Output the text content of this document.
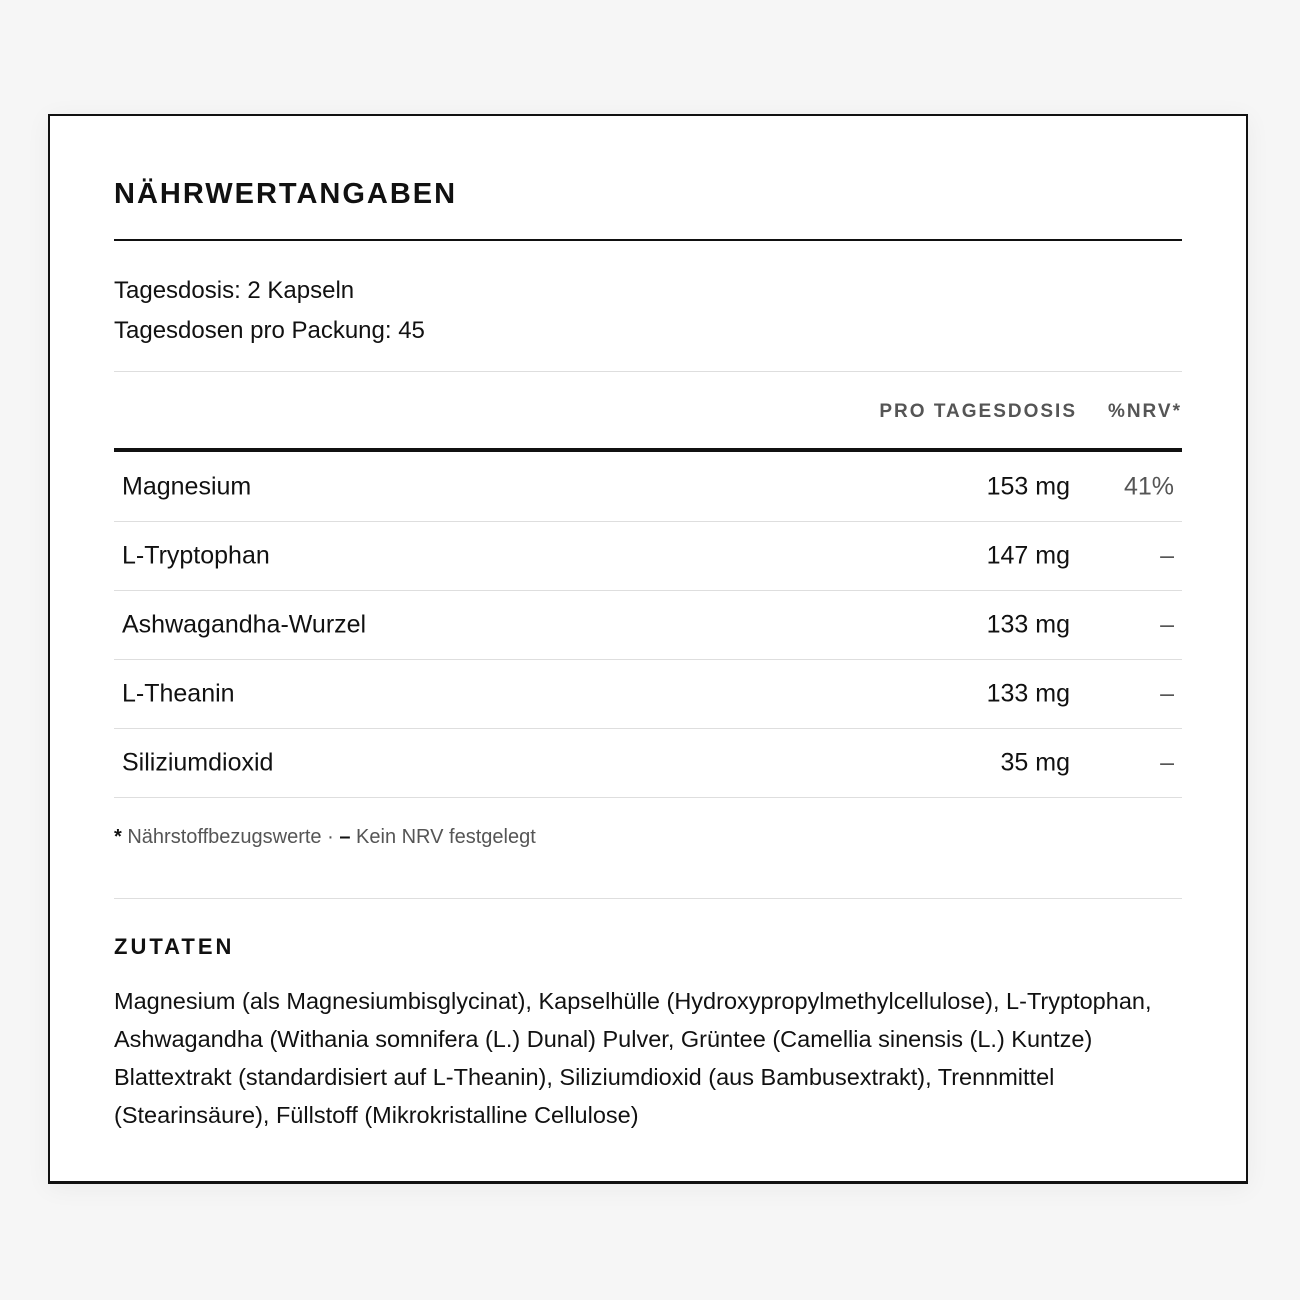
NÄHRWERTANGABEN
Tagesdosis: 2 Kapseln
Tagesdosen pro Packung: 45
PRO TAGESDOSIS %NRV*
Magnesium	153 mg 41%
L-Tryptophan	147 mg	–
Ashwagandha-Wurzel	133 mg	–
L-Theanin	133 mg	–
Siliziumdioxid	35 mg	–
* Nährstoffbezugswerte · – Kein NRV festgelegt
ZUTATEN

Magnesium (als Magnesiumbisglycinat), Kapselhülle (Hydroxypropylmethylcellulose), L-Tryptophan, Ashwagandha (Withania somnifera (L.) Dunal) Pulver, Grüntee (Camellia sinensis (L.) Kuntze) Blattextrakt (standardisiert auf L-Theanin), Siliziumdioxid (aus Bambusextrakt), Trennmittel (Stearinsäure), Füllstoff (Mikrokristalline Cellulose)
